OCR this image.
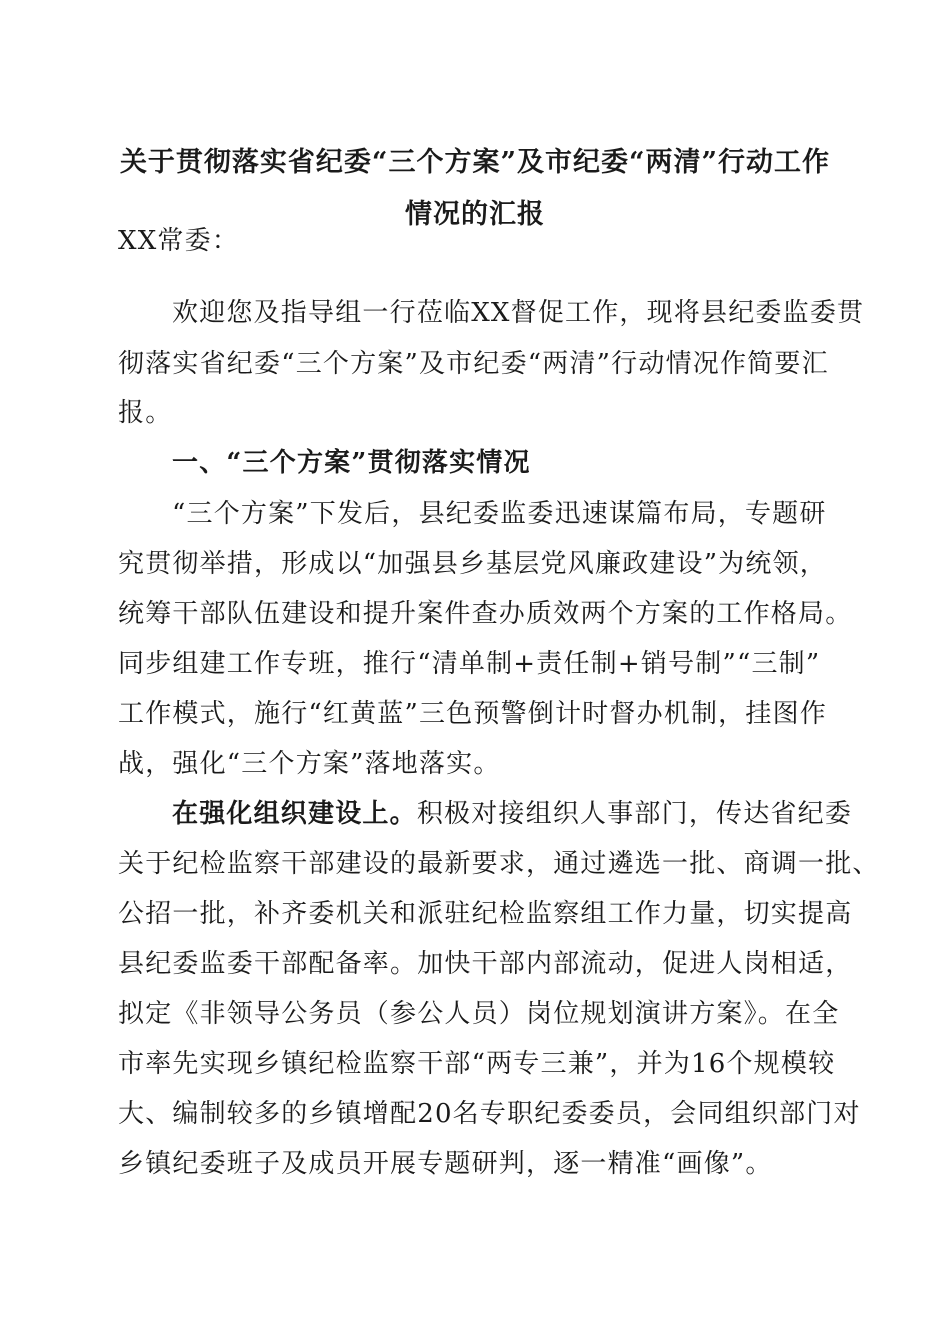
关于贯彻落实省纪委“三个方案”及市纪委“两清”行动工作
情况的汇报
XX常委：
欢迎您及指导组一行莅临XX督促工作，现将县纪委监委贯
彻落实省纪委“三个方案”及市纪委“两清”行动情况作简要汇
报。
一、“三个方案”贯彻落实情况
“三个方案”下发后，县纪委监委迅速谋篇布局，专题研
究贯彻举措，形成以“加强县乡基层党风廉政建设”为统领，
统筹干部队伍建设和提升案件查办质效两个方案的工作格局。
同步组建工作专班，推行“清单制+责任制+销号制”“三制”
工作模式，施行“红黄蓝”三色预警倒计时督办机制，挂图作
战，强化“三个方案”落地落实。
在强化组织建设上。积极对接组织人事部门，传达省纪委
关于纪检监察干部建设的最新要求，通过遴选一批、商调一批、
公招一批，补齐委机关和派驻纪检监察组工作力量，切实提高
县纪委监委干部配备率。加快干部内部流动，促进人岗相适，
拟定《非领导公务员（参公人员）岗位规划演讲方案》。在全
市率先实现乡镇纪检监察干部“两专三兼”，并为16个规模较
大、编制较多的乡镇增配20名专职纪委委员，会同组织部门对
乡镇纪委班子及成员开展专题研判，逐一精准“画像”。
